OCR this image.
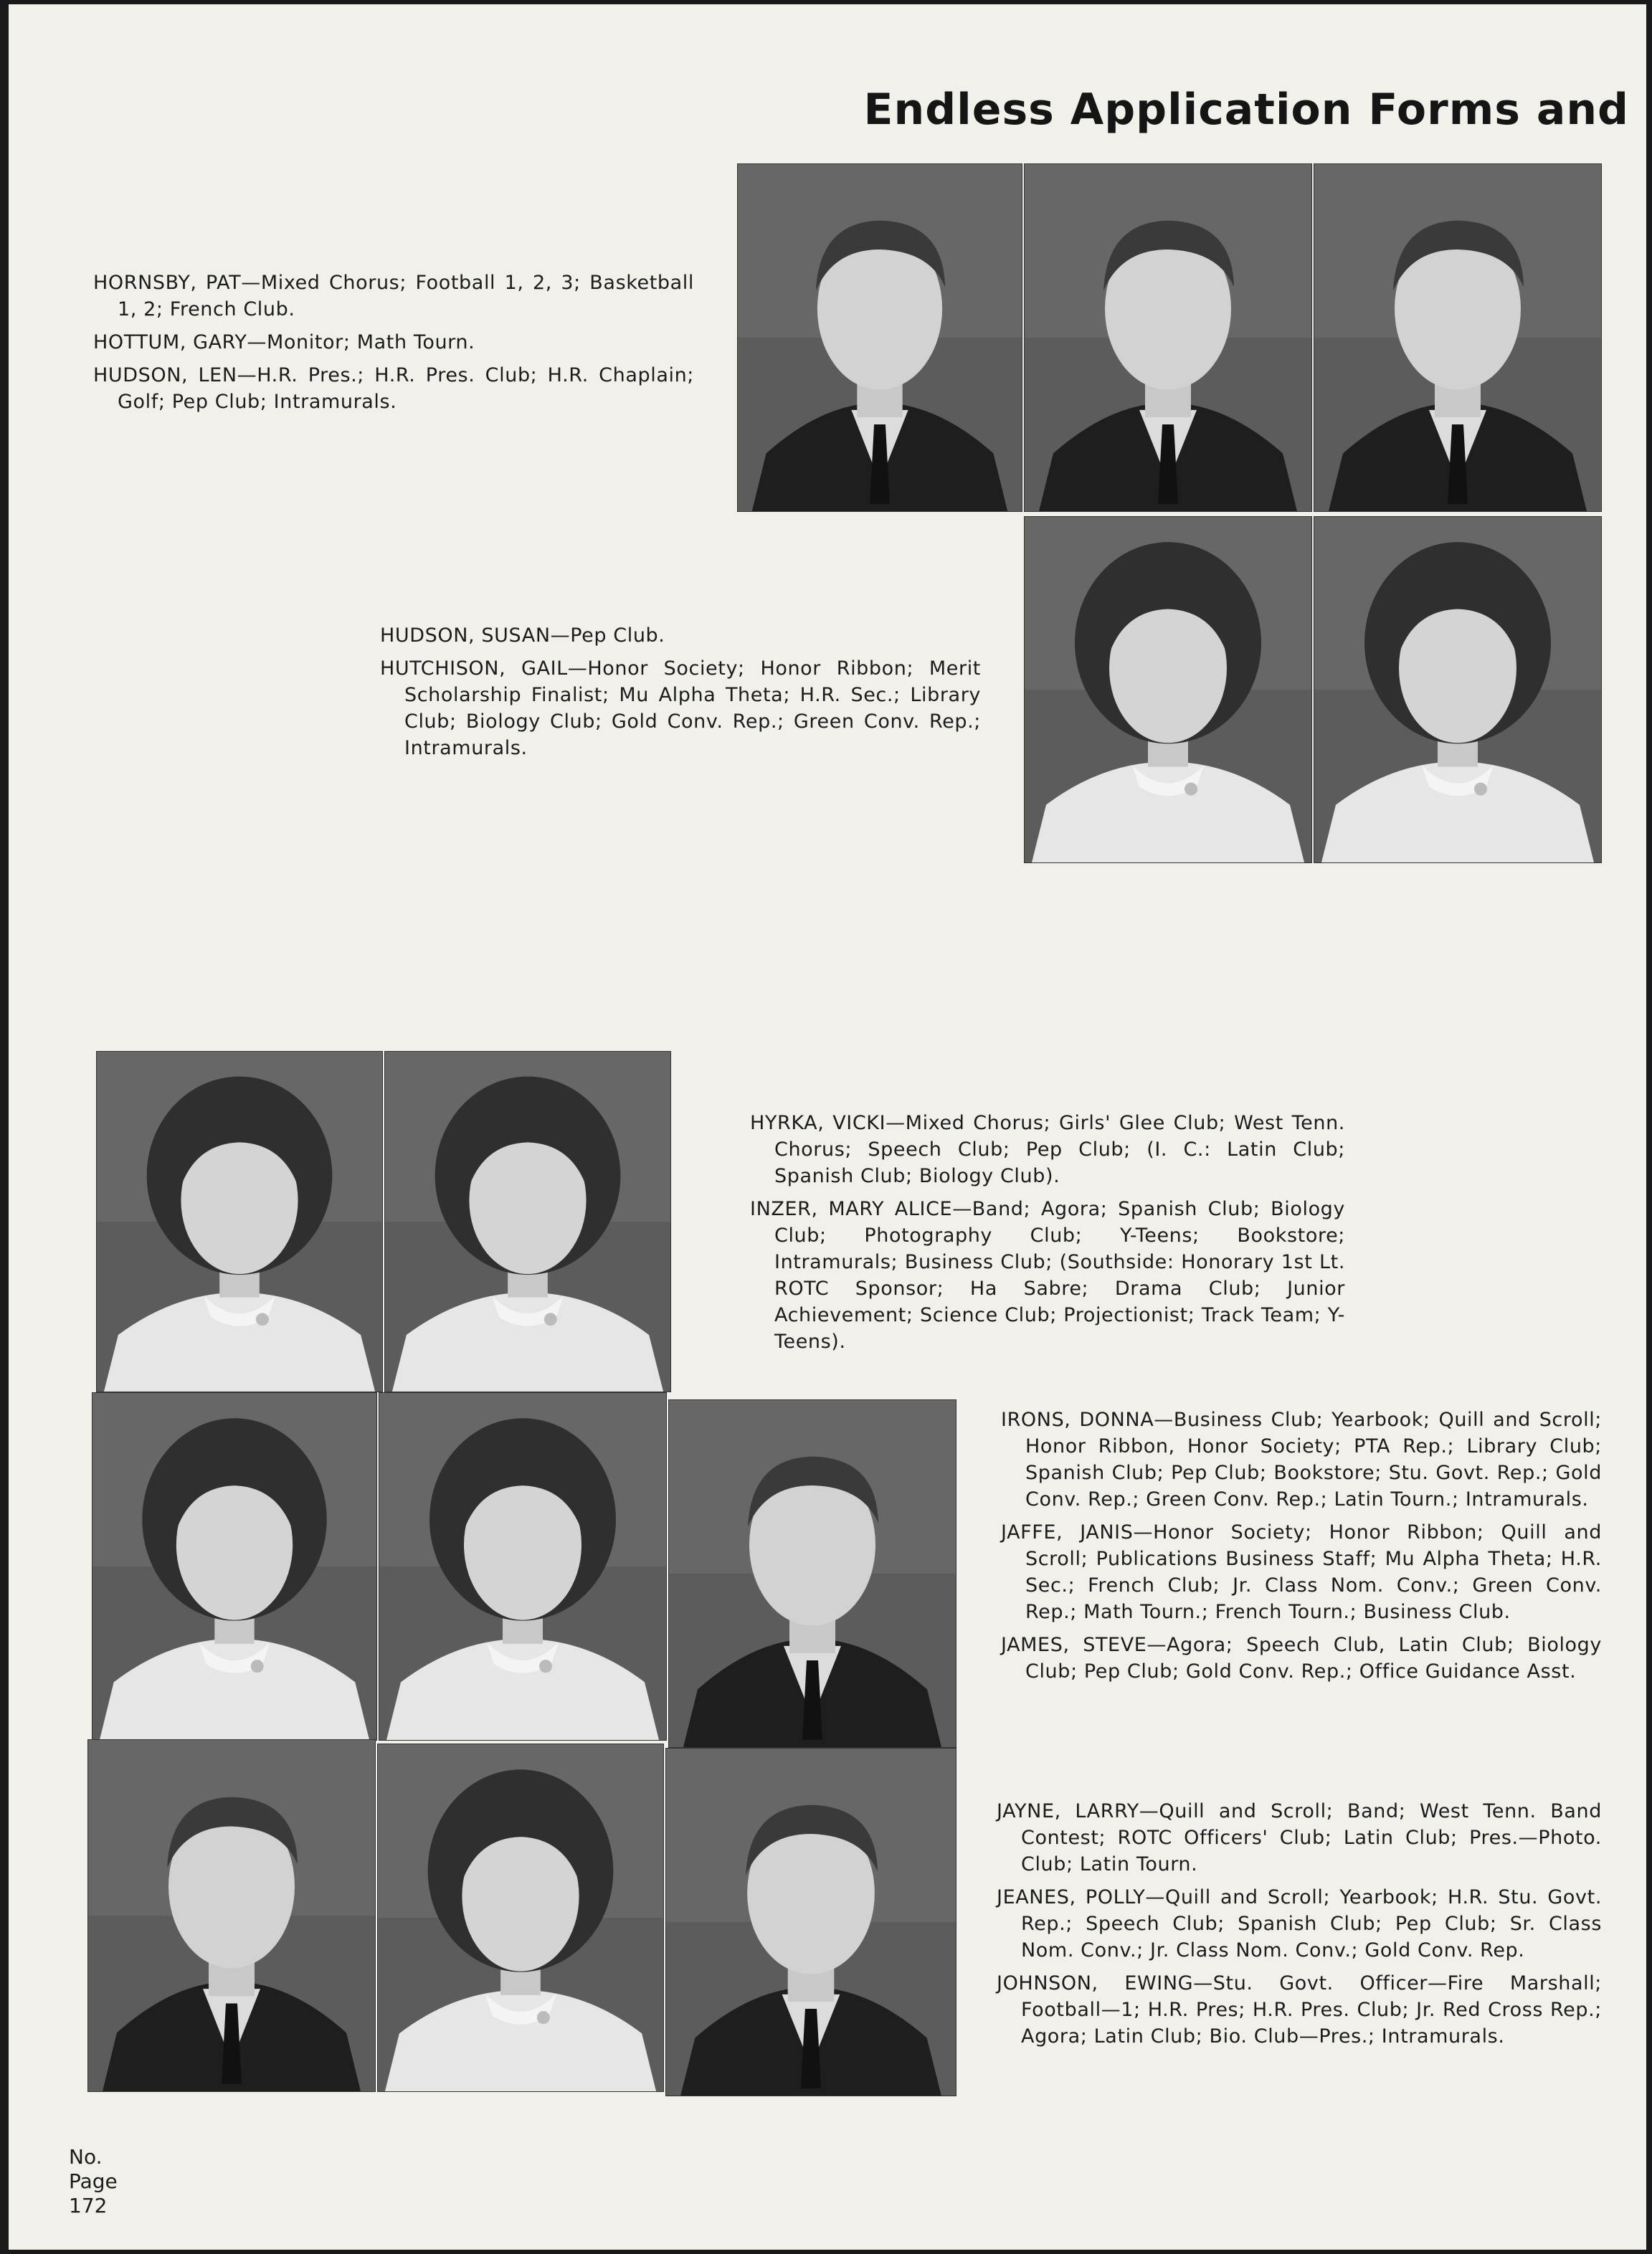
Endless Application Forms and

HORNSBY, PAT—Mixed Chorus; Football 1, 2, 3; Basketball 1, 2; French Club.

HOTTUM, GARY—Monitor; Math Tourn.

HUDSON, LEN—H.R. Pres.; H.R. Pres. Club; H.R. Chaplain; Golf; Pep Club; Intramurals.

HUDSON, SUSAN—Pep Club.

HUTCHISON, GAIL—Honor Society; Honor Ribbon; Merit Scholarship Finalist; Mu Alpha Theta; H.R. Sec.; Library Club; Biology Club; Gold Conv. Rep.; Green Conv. Rep.; Intramurals.

HYRKA, VICKI—Mixed Chorus; Girls' Glee Club; West Tenn. Chorus; Speech Club; Pep Club; (I. C.: Latin Club; Spanish Club; Biology Club).

INZER, MARY ALICE—Band; Agora; Spanish Club; Biology Club; Photography Club; Y-Teens; Bookstore; Intramurals; Business Club; (Southside: Honorary 1st Lt. ROTC Sponsor; Ha Sabre; Drama Club; Junior Achievement; Science Club; Projectionist; Track Team; Y-Teens).

IRONS, DONNA—Business Club; Yearbook; Quill and Scroll; Honor Ribbon, Honor Society; PTA Rep.; Library Club; Spanish Club; Pep Club; Bookstore; Stu. Govt. Rep.; Gold Conv. Rep.; Green Conv. Rep.; Latin Tourn.; Intramurals.

JAFFE, JANIS—Honor Society; Honor Ribbon; Quill and Scroll; Publications Business Staff; Mu Alpha Theta; H.R. Sec.; French Club; Jr. Class Nom. Conv.; Green Conv. Rep.; Math Tourn.; French Tourn.; Business Club.

JAMES, STEVE—Agora; Speech Club, Latin Club; Biology Club; Pep Club; Gold Conv. Rep.; Office Guidance Asst.

JAYNE, LARRY—Quill and Scroll; Band; West Tenn. Band Contest; ROTC Officers' Club; Latin Club; Pres.—Photo. Club; Latin Tourn.

JEANES, POLLY—Quill and Scroll; Yearbook; H.R. Stu. Govt. Rep.; Speech Club; Spanish Club; Pep Club; Sr. Class Nom. Conv.; Jr. Class Nom. Conv.; Gold Conv. Rep.

JOHNSON, EWING—Stu. Govt. Officer—Fire Marshall; Football—1; H.R. Pres; H.R. Pres. Club; Jr. Red Cross Rep.; Agora; Latin Club; Bio. Club—Pres.; Intramurals.

No.
Page
172
